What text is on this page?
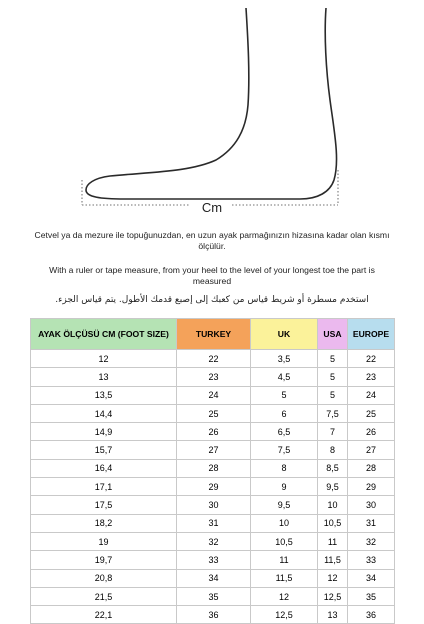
Cm
Cetvel ya da mezure ile topuğunuzdan, en uzun ayak parmağınızın hizasına kadar olan kısmı ölçülür.
With a ruler or tape measure, from your heel to the level of your longest toe the part is measured
استخدم مسطرة أو شريط قياس من كعبك إلى إصبع قدمك الأطول. يتم قياس الجزء.
AYAK ÖLÇÜSÜ CM (FOOT SIZE)	TURKEY	UK	USA	EUROPE
12	22	3,5	5	22
13	23	4,5	5	23
13,5	24	5	5	24
14,4	25	6	7,5	25
14,9	26	6,5	7	26
15,7	27	7,5	8	27
16,4	28	8	8,5	28
17,1	29	9	9,5	29
17,5	30	9,5	10	30
18,2	31	10	10,5	31
19	32	10,5	11	32
19,7	33	11	11,5	33
20,8	34	11,5	12	34
21,5	35	12	12,5	35
22,1	36	12,5	13	36
